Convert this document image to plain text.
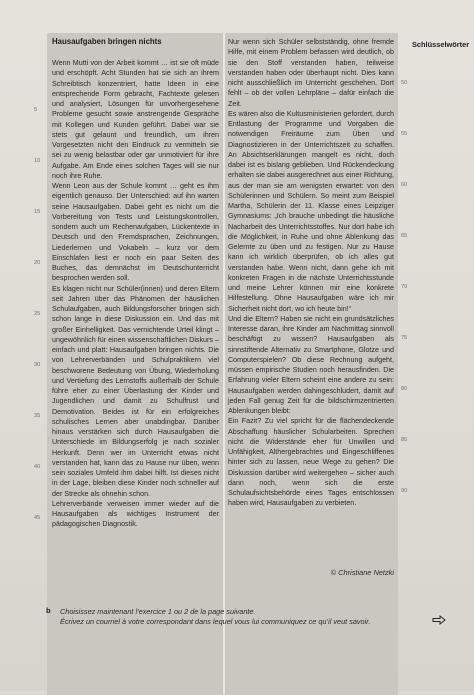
Hausaufgaben bringen nichts

Wenn Mutti von der Arbeit kommt … ist sie oft müde und erschöpft. Acht Stunden hat sie sich an ihrem Schreibtisch konzentriert, hatte Ideen in eine entsprechende Form gebracht, Fachtexte gelesen und analysiert, Lösungen für unvorhergesehene Probleme gesucht sowie anstrengende Gespräche mit Kollegen und Kunden geführt. Dabei war sie stets gut gelaunt und freundlich, um ihren Vorgesetzten nicht den Eindruck zu vermitteln sie sei zu wenig belastbar oder gar unmotiviert für ihre Aufgabe. Am Ende eines solchen Tages will sie nur noch ihre Ruhe.

Wenn Leon aus der Schule kommt … geht es ihm eigentlich genauso. Der Unterschied: auf ihn warten seine Hausaufgaben. Dabei geht es nicht um die Vorbereitung von Tests und Leistungskontrollen, sondern auch um Rechenaufgaben, Lückentexte in Deutsch und den Fremdsprachen, Zeichnungen, Liederlernen und Vokabeln – kurz vor dem Einschlafen liest er noch ein paar Seiten des Buches, das demnächst im Deutschunterricht besprochen werden soll.

Es klagen nicht nur Schüler(innen) und deren Eltern seit Jahren über das Phänomen der häuslichen Schulaufgaben, auch Bildungsforscher bringen sich schon lange in diese Diskussion ein. Und das mit großer Einhelligkeit. Das vernichtende Urteil klingt – ungewöhnlich für einen wissenschaftlichen Diskurs – einfach und platt: Hausaufgaben bringen nichts. Die von Lehrerverbänden und Schulpraktikern viel beschworene Bedeutung von Übung, Wiederholung und Vertiefung des Lernstoffs außerhalb der Schule führe eher zu einer Überlastung der Kinder und Jugendlichen und damit zu Schulfrust und Demotivation. Beides ist für ein erfolgreiches schulisches Lernen aber unabdingbar. Darüber hinaus verstärken sich durch Hausaufgaben die Unterschiede im Bildungserfolg je nach sozialer Herkunft. Denn wer im Unterricht etwas nicht verstanden hat, kann das zu Hause nur üben, wenn sein soziales Umfeld ihm dabei hilft. Ist dieses nicht in der Lage, bleiben diese Kinder noch schneller auf der Strecke als ohnehin schon.

Lehrerverbände verweisen immer wieder auf die Hausaufgaben als wichtiges Instrument der pädagogischen Diagnostik.

Nur wenn sich Schüler selbstständig, ohne fremde Hilfe, mit einem Problem befassen wird deutlich, ob sie den Stoff verstanden haben, teilweise verstanden haben oder überhaupt nicht. Dies kann nicht ausschließlich im Unterricht geschehen. Dort fehlt – ob der vollen Lehrpläne – dafür einfach die Zeit.

Es wären also die Kultusministerien gefordert, durch Entlastung der Programme und Vorgaben die notwendigen Freiräume zum Üben und Diagnostizieren in der Unterrichtszeit zu schaffen. An Absichtserklärungen mangelt es nicht, doch dabei ist es bislang geblieben. Und Rückendeckung erhalten sie dabei ausgerechnet aus einer Richtung, aus der man sie am wenigsten erwartet: von den Schülerinnen und Schülern. So meint zum Beispiel Martha, Schülerin der 11. Klasse eines Leipziger Gymnasiums: „Ich brauche unbedingt die häusliche Nacharbeit des Unterrichtsstoffes. Nur dort habe ich die Möglichkeit, in Ruhe und ohne Ablenkung das Gelernte zu üben und zu festigen. Nur zu Hause kann ich wirklich überprüfen, ob ich alles gut verstanden habe. Wenn nicht, dann gehe ich mit konkreten Fragen in die nächste Unterrichtsstunde und meine Lehrer können mir eine konkrete Hilfestellung. Ohne Hausaufgaben wäre ich mir Sicherheit nicht dort, wo ich heute bin!“

Und die Eltern? Haben sie nicht ein grundsätzliches Interesse daran, ihre Kinder am Nachmittag sinnvoll beschäftigt zu wissen? Hausaufgaben als sinnstiftende Alternativ zu Smartphone, Glotze und Computerspielen? Ob diese Rechnung aufgeht, müssen empirische Studien noch herausfinden. Die Erfahrung vieler Eltern scheint eine andere zu sein: Hausaufgaben werden dahingeschludert, damit auf jeden Fall genug Zeit für die bildschirmzentrierten Ablenkungen bleibt:

Ein Fazit? Zu viel spricht für die flächendeckende Abschaffung häuslicher Schularbeiten. Sprechen nicht die Widerstände eher für Unwillen und Unfähigkeit, Althergebrachtes und Eingeschliffenes hinter sich zu lassen, neue Wege zu gehen? Die Diskussion darüber wird weitergehen – sicher auch dann noch, wenn sich die erste Schulaufsichtsbehörde eines Tages entschlossen haben wird, Hausaufgaben zu verbieten.

© Christiane Netzki
5
10
15
20
25
30
35
40
45
50
55
60
65
70
75
80
85
90
Schlüsselwörter
b Choisissez maintenant l’exercice 1 ou 2 de la page suivante.
Écrivez un courriel à votre correspondant dans lequel vous lui communiquez ce qu’il veut savoir.
